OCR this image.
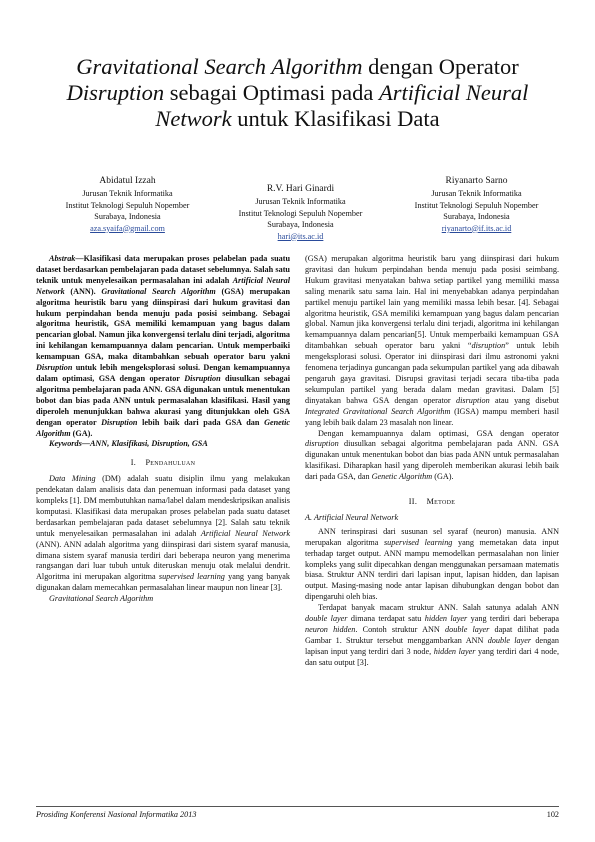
Gravitational Search Algorithm dengan Operator
Disruption sebagai Optimasi pada Artificial Neural
Network untuk Klasifikasi Data
Abidatul Izzah
Jurusan Teknik Informatika
Institut Teknologi Sepuluh Nopember
Surabaya, Indonesia
aza.syaifa@gmail.com
R.V. Hari Ginardi
Jurusan Teknik Informatika
Institut Teknologi Sepuluh Nopember
Surabaya, Indonesia
hari@its.ac.id
Riyanarto Sarno
Jurusan Teknik Informatika
Institut Teknologi Sepuluh Nopember
Surabaya, Indonesia
riyanarto@if.its.ac.id

Abstrak—Klasifikasi data merupakan proses pelabelan pada suatu dataset berdasarkan pembelajaran pada dataset sebelumnya. Salah satu teknik untuk menyelesaikan permasalahan ini adalah Artificial Neural Network (ANN). Gravitational Search Algorithm (GSA) merupakan algoritma heuristik baru yang diinspirasi dari hukum gravitasi dan hukum perpindahan benda menuju pada posisi seimbang. Sebagai algoritma heuristik, GSA memiliki kemampuan yang bagus dalam pencarian global. Namun jika konvergensi terlalu dini terjadi, algoritma ini kehilangan kemampuannya dalam pencarian. Untuk memperbaiki kemampuan GSA, maka ditambahkan sebuah operator baru yakni Disruption untuk lebih mengeksplorasi solusi. Dengan kemampuannya dalam optimasi, GSA dengan operator Disruption diusulkan sebagai algoritma pembelajaran pada ANN. GSA digunakan untuk menentukan bobot dan bias pada ANN untuk permasalahan klasifikasi. Hasil yang diperoleh menunjukkan bahwa akurasi yang ditunjukkan oleh GSA dengan operator Disruption lebih baik dari pada GSA dan Genetic Algorithm (GA).

Keywords—ANN, Klasifikasi, Disruption, GSA

I. Pendahuluan

Data Mining (DM) adalah suatu disiplin ilmu yang melakukan pendekatan dalam analisis data dan penemuan informasi pada dataset yang kompleks [1]. DM membutuhkan nama/label dalam mendeskripsikan analisis komputasi. Klasifikasi data merupakan proses pelabelan pada suatu dataset berdasarkan pembelajaran pada dataset sebelumnya [2]. Salah satu teknik untuk menyelesaikan permasalahan ini adalah Artificial Neural Network (ANN). ANN adalah algoritma yang diinspirasi dari sistem syaraf manusia, dimana sistem syaraf manusia terdiri dari beberapa neuron yang menerima rangsangan dari luar tubuh untuk diteruskan menuju otak melalui dendrit. Algoritma ini merupakan algoritma supervised learning yang yang banyak digunakan dalam memecahkan permasalahan linear maupun non linear [3].

Gravitational Search Algorithm

(GSA) merupakan algoritma heuristik baru yang diinspirasi dari hukum gravitasi dan hukum perpindahan benda menuju pada posisi seimbang. Hukum gravitasi menyatakan bahwa setiap partikel yang memiliki massa saling menarik satu sama lain. Hal ini menyebabkan adanya perpindahan partikel menuju partikel lain yang memiliki massa lebih besar. [4]. Sebagai algoritma heuristik, GSA memiliki kemampuan yang bagus dalam pencarian global. Namun jika konvergensi terlalu dini terjadi, algoritma ini kehilangan kemampuannya dalam pencarian[5]. Untuk memperbaiki kemampuan GSA ditambahkan sebuah operator baru yakni “disruption” untuk lebih mengeksplorasi solusi. Operator ini diinspirasi dari ilmu astronomi yakni fenomena terjadinya guncangan pada sekumpulan partikel yang ada dibawah pengaruh gaya gravitasi. Disrupsi gravitasi terjadi secara tiba-tiba pada sekumpulan partikel yang berada dalam medan gravitasi. Dalam [5] dinyatakan bahwa GSA dengan operator disruption atau yang disebut Integrated Gravitational Search Algorithm (IGSA) mampu memberi hasil yang lebih baik dalam 23 masalah non linear.

Dengan kemampuannya dalam optimasi, GSA dengan operator disruption diusulkan sebagai algoritma pembelajaran pada ANN. GSA digunakan untuk menentukan bobot dan bias pada ANN untuk permasalahan klasifikasi. Diharapkan hasil yang diperoleh memberikan akurasi lebih baik dari pada GSA, dan Genetic Algorithm (GA).

II. Metode

A. Artificial Neural Network

ANN terinspirasi dari susunan sel syaraf (neuron) manusia. ANN merupakan algoritma supervised learning yang memetakan data input terhadap target output. ANN mampu memodelkan permasalahan non linier kompleks yang sulit dipecahkan dengan menggunakan persamaan matematis biasa. Struktur ANN terdiri dari lapisan input, lapisan hidden, dan lapisan output. Masing-masing node antar lapisan dihubungkan dengan bobot dan dipengaruhi oleh bias.

Terdapat banyak macam struktur ANN. Salah satunya adalah ANN double layer dimana terdapat satu hidden layer yang terdiri dari beberapa neuron hidden. Contoh struktur ANN double layer dapat dilihat pada Gambar 1. Struktur tersebut menggambarkan ANN double layer dengan lapisan input yang terdiri dari 3 node, hidden layer yang terdiri dari 4 node, dan satu output [3].

Prosiding Konferensi Nasional Informatika 2013	102
